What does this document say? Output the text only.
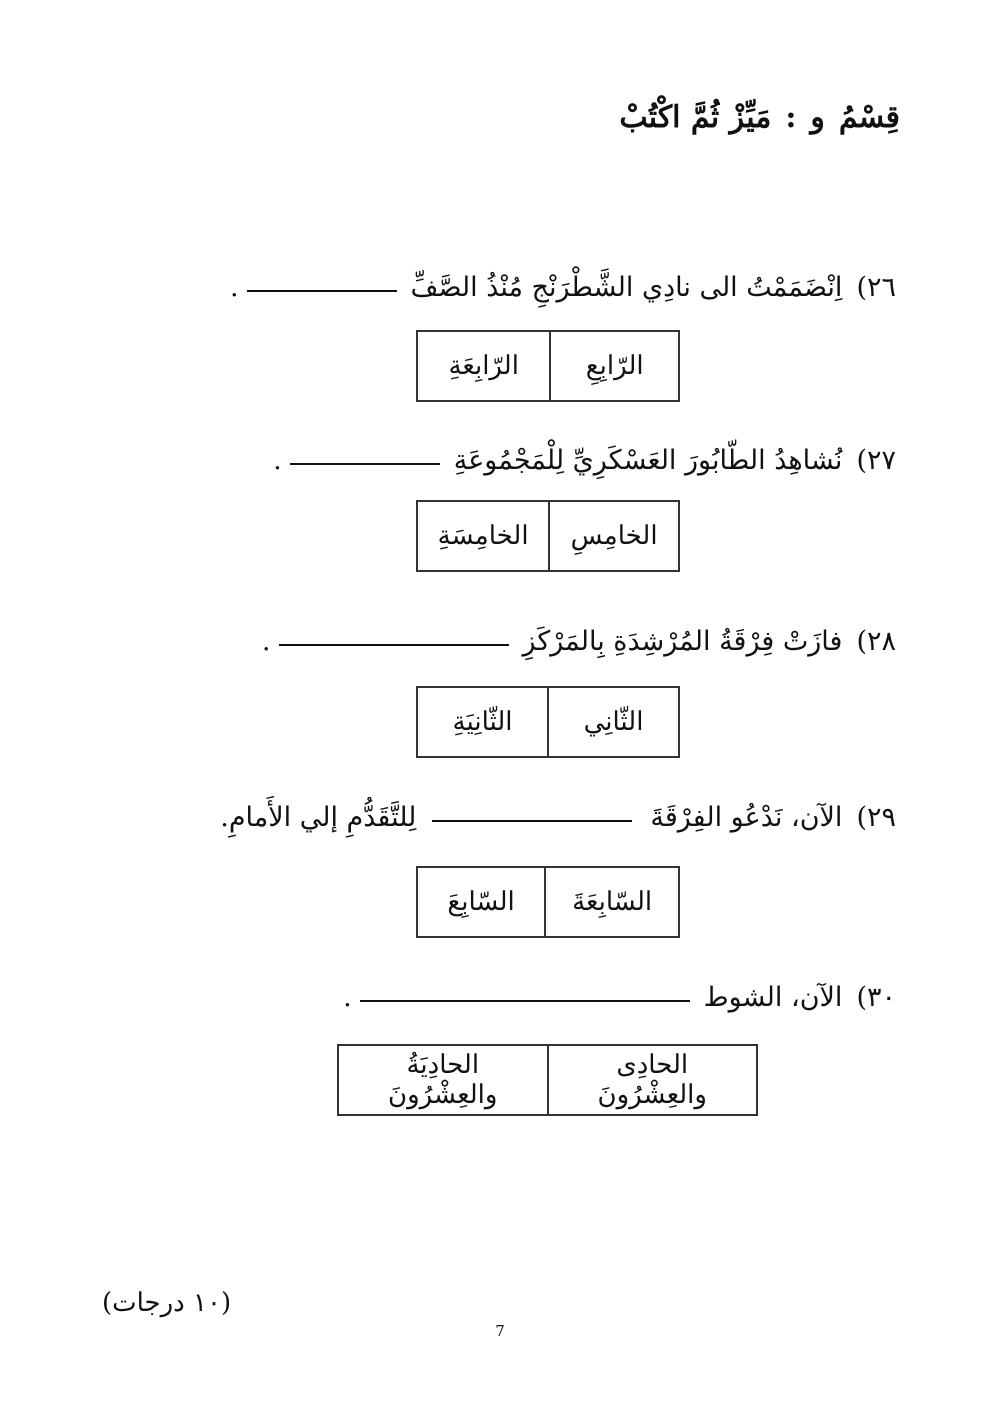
قِسْمُو:مَيِّزْ ثُمَّ اكْتُبْ
٢٦)
اِنْضَمَمْتُ الى نادِي الشَّطْرَنْجِ مُنْذُ الصَّفِّ
.
الرّابِعِ	الرّابِعَةِ
٢٧)
نُشاهِدُ الطّابُورَ العَسْكَرِيِّ لِلْمَجْمُوعَةِ
.
الخامِسِ	الخامِسَةِ
٢٨)
فازَتْ فِرْقَةُ المُرْشِدَةِ بِالمَرْكَزِ
.
الثّانِي	الثّانِيَةِ
٢٩)
الآن، نَدْعُو الفِرْقَةَ
لِلتَّقَدُّمِ إلي الأَمامِ.
السّابِعَةَ	السّابِعَ
٣٠)
الآن، الشوط
.
الحادِى والعِشْرُونَ	الحادِيَةُ والعِشْرُونَ
(١٠ درجات)
7
